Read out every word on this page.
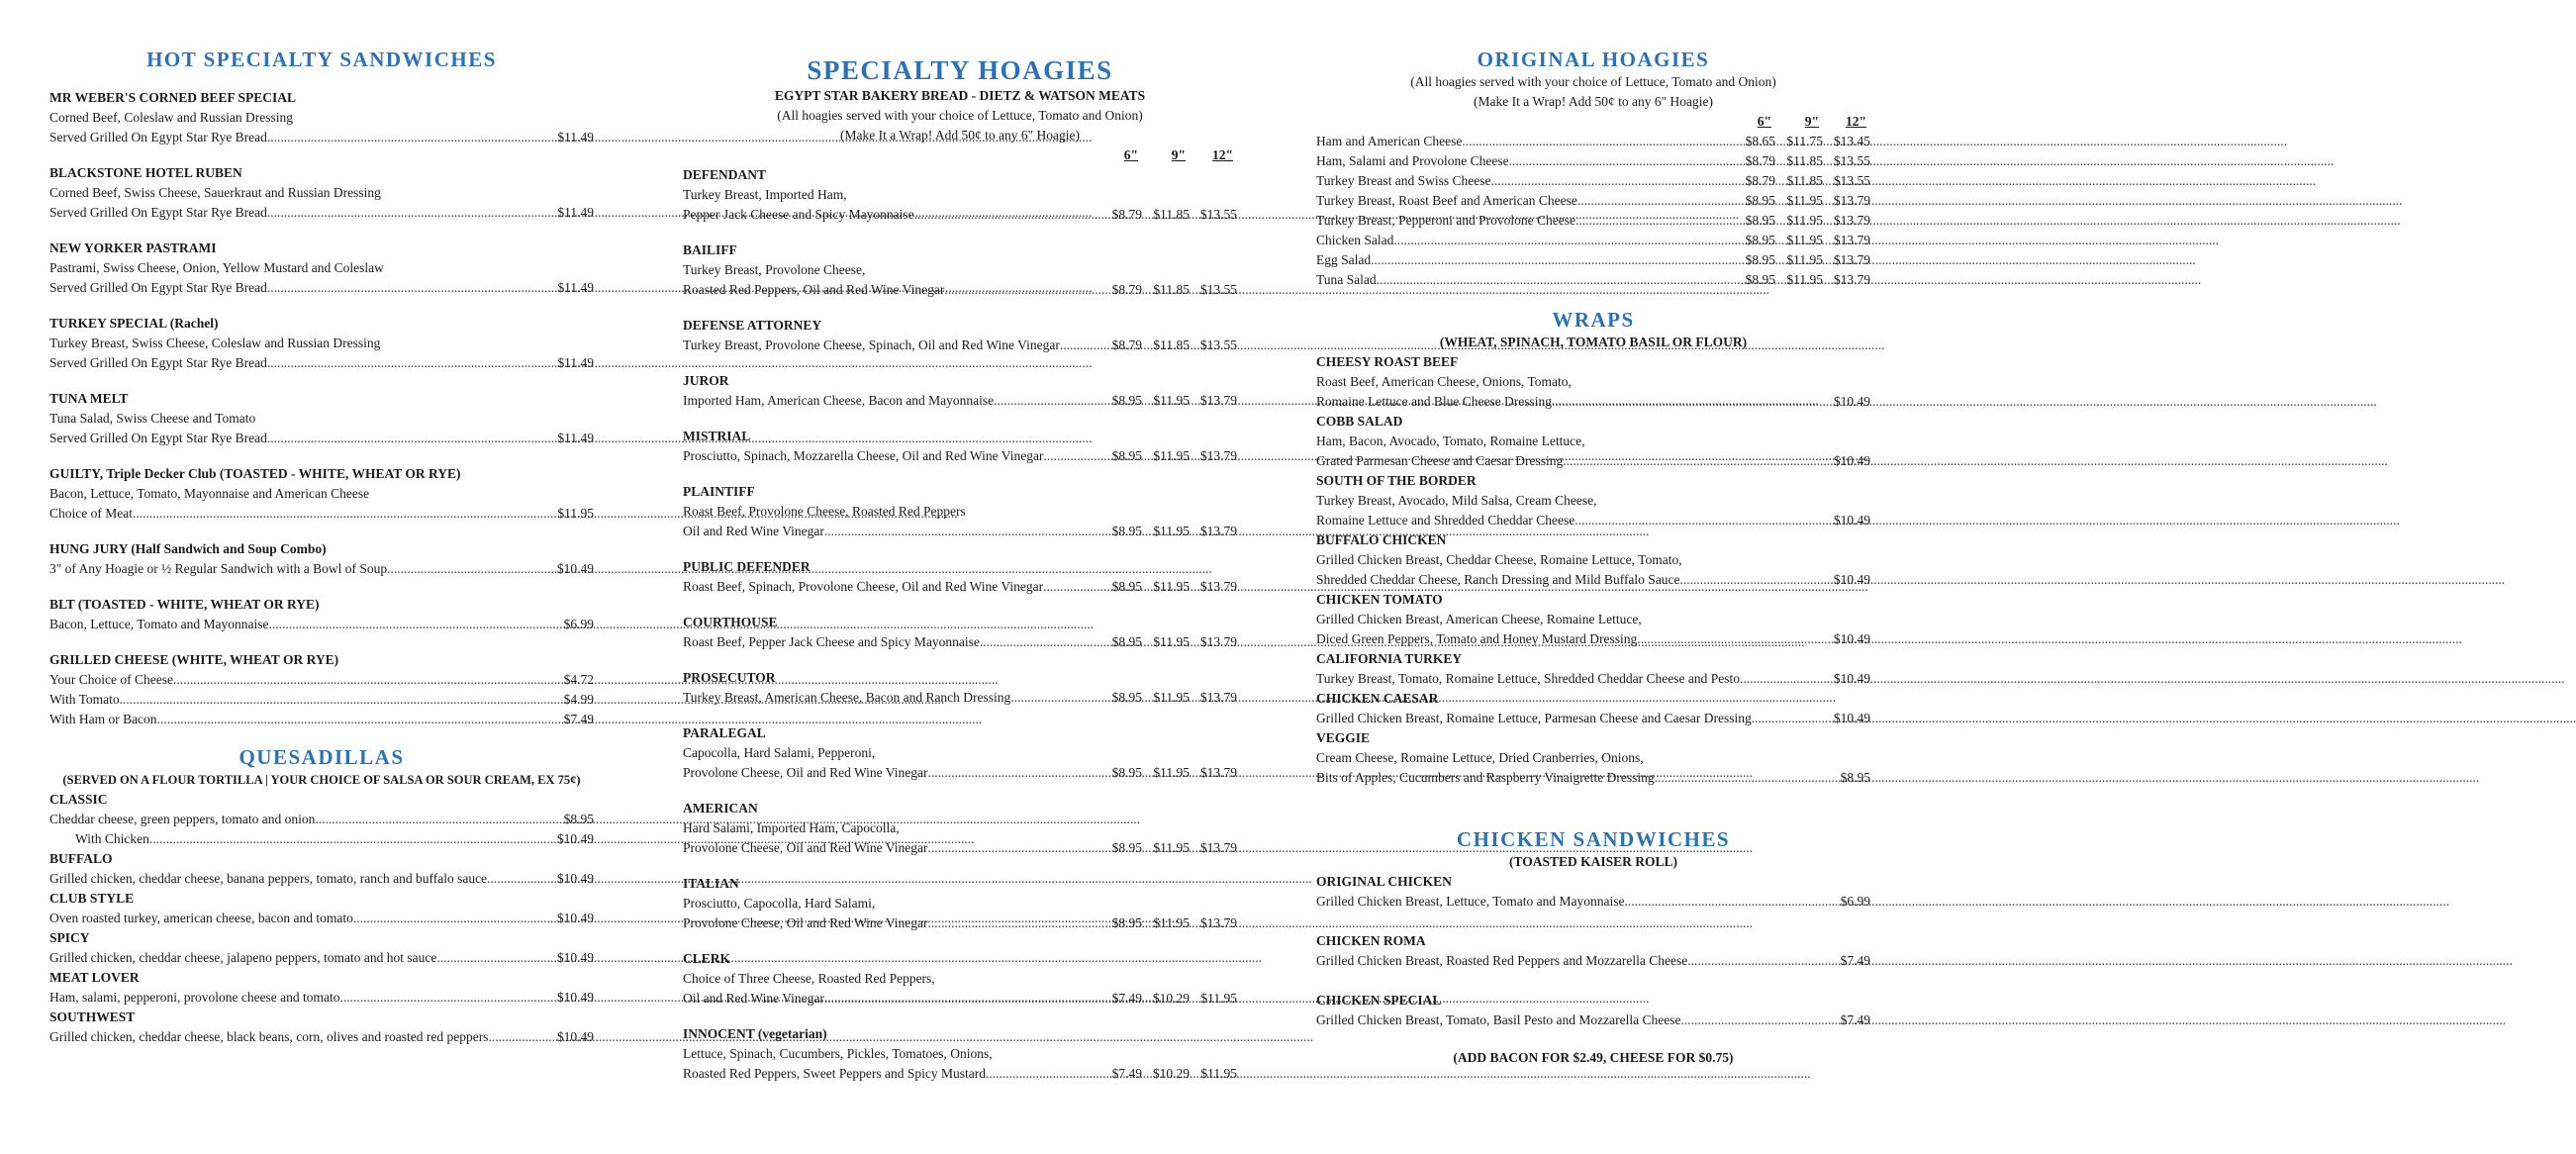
HOT SPECIALTY SANDWICHES
MR WEBER'S CORNED BEEF SPECIAL
Corned Beef, Coleslaw and Russian Dressing
Served Grilled On Egypt Star Rye Bread .....	$11.49
BLACKSTONE HOTEL RUBEN
Corned Beef, Swiss Cheese, Sauerkraut and Russian Dressing
Served Grilled On Egypt Star Rye Bread .....	$11.49
NEW YORKER PASTRAMI
Pastrami, Swiss Cheese, Onion, Yellow Mustard and Coleslaw
Served Grilled On Egypt Star Rye Bread .....	$11.49
TURKEY SPECIAL (Rachel)
Turkey Breast, Swiss Cheese, Coleslaw and Russian Dressing
Served Grilled On Egypt Star Rye Bread .....	$11.49
TUNA MELT
Tuna Salad, Swiss Cheese and Tomato
Served Grilled On Egypt Star Rye Bread .....	$11.49
GUILTY, Triple Decker Club (TOASTED - WHITE, WHEAT OR RYE)
Bacon, Lettuce, Tomato, Mayonnaise and American Cheese
Choice of Meat .....	$11.95
HUNG JURY (Half Sandwich and Soup Combo)
3" of Any Hoagie or ½ Regular Sandwich with a Bowl of Soup .....	$10.49
BLT (TOASTED - WHITE, WHEAT OR RYE)
Bacon, Lettuce, Tomato and Mayonnaise .....	$6.99
GRILLED CHEESE (WHITE, WHEAT OR RYE)
Your Choice of Cheese .....	$4.72
With Tomato .....	$4.99
With Ham or Bacon .....	$7.49
QUESADILLAS
(SERVED ON A FLOUR TORTILLA | YOUR CHOICE OF SALSA OR SOUR CREAM, EX 75¢)
CLASSIC
Cheddar cheese, green peppers, tomato and onion .....	$8.95
With Chicken .....	$10.49
BUFFALO
Grilled chicken, cheddar cheese, banana peppers, tomato, ranch and buffalo sauce .....	$10.49
CLUB STYLE
Oven roasted turkey, american cheese, bacon and tomato .....	$10.49
SPICY
Grilled chicken, cheddar cheese, jalapeno peppers, tomato and hot sauce .....	$10.49
MEAT LOVER
Ham, salami, pepperoni, provolone cheese and tomato .....	$10.49
SOUTHWEST
Grilled chicken, cheddar cheese, black beans, corn, olives and roasted red peppers .....	$10.49
SPECIALTY HOAGIES
EGYPT STAR BAKERY BREAD - DIETZ & WATSON MEATS
(All hoagies served with your choice of Lettuce, Tomato and Onion)
(Make It a Wrap! Add 50¢ to any 6" Hoagie)
6"	9"	12"
DEFENDANT
Turkey Breast, Imported Ham,
Pepper Jack Cheese and Spicy Mayonnaise .....	$8.79 $11.85 $13.55
BAILIFF
Turkey Breast, Provolone Cheese,
Roasted Red Peppers, Oil and Red Wine Vinegar .....	$8.79 $11.85 $13.55
DEFENSE ATTORNEY
Turkey Breast, Provolone Cheese, Spinach, Oil and Red Wine Vinegar .....	$8.79 $11.85 $13.55
JUROR
Imported Ham, American Cheese, Bacon and Mayonnaise .....	$8.95 $11.95 $13.79
MISTRIAL
Prosciutto, Spinach, Mozzarella Cheese, Oil and Red Wine Vinegar .....	$8.95 $11.95 $13.79
PLAINTIFF
Roast Beef, Provolone Cheese, Roasted Red Peppers
Oil and Red Wine Vinegar .....	$8.95 $11.95 $13.79
PUBLIC DEFENDER
Roast Beef, Spinach, Provolone Cheese, Oil and Red Wine Vinegar .....	$8.95 $11.95 $13.79
COURTHOUSE
Roast Beef, Pepper Jack Cheese and Spicy Mayonnaise .....	$8.95 $11.95 $13.79
PROSECUTOR
Turkey Breast, American Cheese, Bacon and Ranch Dressing .....	$8.95 $11.95 $13.79
PARALEGAL
Capocolla, Hard Salami, Pepperoni,
Provolone Cheese, Oil and Red Wine Vinegar .....	$8.95 $11.95 $13.79
AMERICAN
Hard Salami, Imported Ham, Capocolla,
Provolone Cheese, Oil and Red Wine Vinegar .....	$8.95 $11.95 $13.79
ITALIAN
Prosciutto, Capocolla, Hard Salami,
Provolone Cheese, Oil and Red Wine Vinegar .....	$8.95 $11.95 $13.79
CLERK
Choice of Three Cheese, Roasted Red Peppers,
Oil and Red Wine Vinegar .....	$7.49 $10.29 $11.95
INNOCENT (vegetarian)
Lettuce, Spinach, Cucumbers, Pickles, Tomatoes, Onions,
Roasted Red Peppers, Sweet Peppers and Spicy Mustard .....	$7.49 $10.29 $11.95
ORIGINAL HOAGIES
(All hoagies served with your choice of Lettuce, Tomato and Onion)
(Make It a Wrap! Add 50¢ to any 6" Hoagie)
6"	9"	12"
Ham and American Cheese .....	$8.65 $11.75 $13.45
Ham, Salami and Provolone Cheese .....	$8.79 $11.85 $13.55
Turkey Breast and Swiss Cheese .....	$8.79 $11.85 $13.55
Turkey Breast, Roast Beef and American Cheese .....	$8.95 $11.95 $13.79
Turkey Breast, Pepperoni and Provolone Cheese .....	$8.95 $11.95 $13.79
Chicken Salad .....	$8.95 $11.95 $13.79
Egg Salad .....	$8.95 $11.95 $13.79
Tuna Salad .....	$8.95 $11.95 $13.79
WRAPS
(WHEAT, SPINACH, TOMATO BASIL OR FLOUR)
CHEESY ROAST BEEF
Roast Beef, American Cheese, Onions, Tomato,
Romaine Lettuce and Blue Cheese Dressing .....	$10.49
COBB SALAD
Ham, Bacon, Avocado, Tomato, Romaine Lettuce,
Grated Parmesan Cheese and Caesar Dressing .....	$10.49
SOUTH OF THE BORDER
Turkey Breast, Avocado, Mild Salsa, Cream Cheese,
Romaine Lettuce and Shredded Cheddar Cheese .....	$10.49
BUFFALO CHICKEN
Grilled Chicken Breast, Cheddar Cheese, Romaine Lettuce, Tomato,
Shredded Cheddar Cheese, Ranch Dressing and Mild Buffalo Sauce .....	$10.49
CHICKEN TOMATO
Grilled Chicken Breast, American Cheese, Romaine Lettuce,
Diced Green Peppers, Tomato and Honey Mustard Dressing .....	$10.49
CALIFORNIA TURKEY
Turkey Breast, Tomato, Romaine Lettuce, Shredded Cheddar Cheese and Pesto .....	$10.49
CHICKEN CAESAR
Grilled Chicken Breast, Romaine Lettuce, Parmesan Cheese and Caesar Dressing .....	$10.49
VEGGIE
Cream Cheese, Romaine Lettuce, Dried Cranberries, Onions,
Bits of Apples, Cucumbers and Raspberry Vinaigrette Dressing .....	$8.95
CHICKEN SANDWICHES
(TOASTED KAISER ROLL)
ORIGINAL CHICKEN
Grilled Chicken Breast, Lettuce, Tomato and Mayonnaise .....	$6.99
CHICKEN ROMA
Grilled Chicken Breast, Roasted Red Peppers and Mozzarella Cheese .....	$7.49
CHICKEN SPECIAL
Grilled Chicken Breast, Tomato, Basil Pesto and Mozzarella Cheese .....	$7.49
(ADD BACON FOR $2.49, CHEESE FOR $0.75)
